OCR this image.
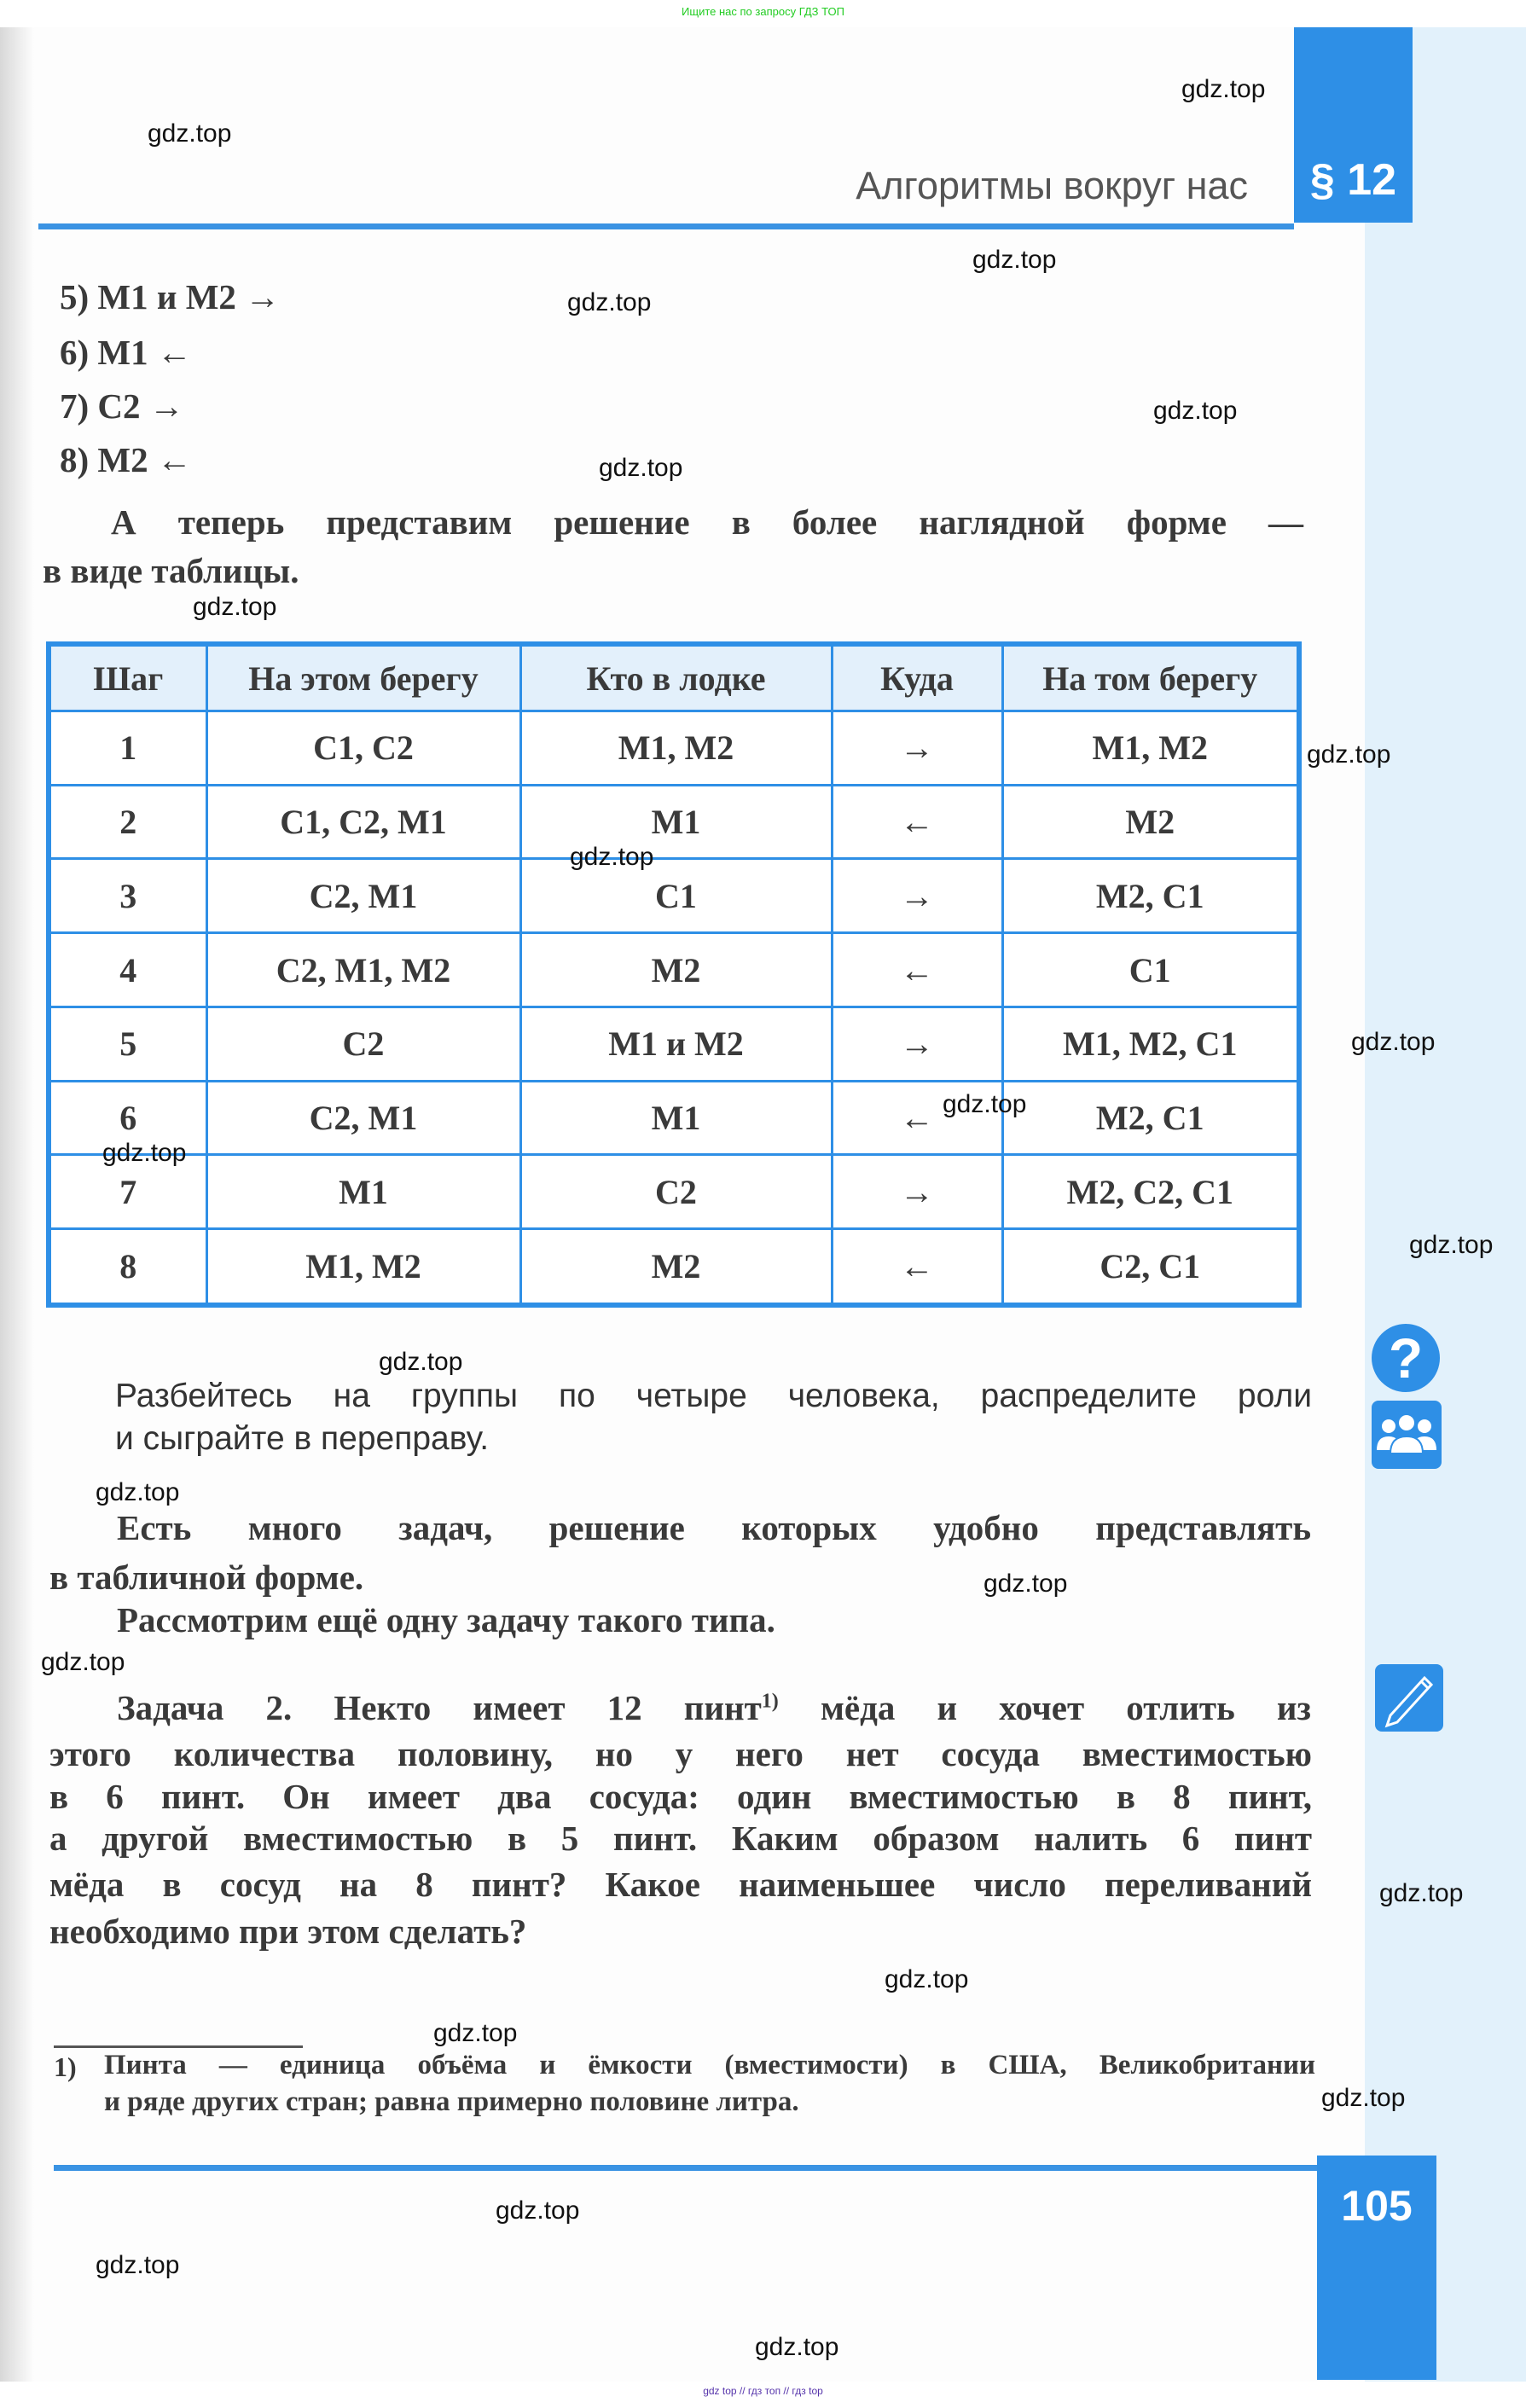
Ищите нас по запросу ГДЗ ТОП
§ 12
Алгоритмы вокруг нас
5) М1 и М2 →
6) М1 ←
7) С2 →
8) М2 ←
А теперь представим решение в более наглядной форме —
в виде таблицы.
Шаг	На этом берегу	Кто в лодке	Куда	На том берегу
1	С1, С2	М1, М2	→	М1, М2
2	С1, С2, М1	М1	←	М2
3	С2, М1	С1	→	М2, С1
4	С2, М1, М2	М2	←	С1
5	С2	М1 и М2	→	М1, М2, С1
6	С2, М1	М1	←	М2, С1
7	М1	С2	→	М2, С2, С1
8	М1, М2	М2	←	С2, С1
Разбейтесь на группы по четыре человека, распределите роли
и сыграйте в переправу.
Есть много задач, решение которых удобно представлять
в табличной форме.
Рассмотрим ещё одну задачу такого типа.
Задача 2. Некто имеет 12 пинт$^{1)}$ мёда и хочет отлить из
этого количества половину, но у него нет сосуда вместимостью
в 6 пинт. Он имеет два сосуда: один вместимостью в 8 пинт,
а другой вместимостью в 5 пинт. Каким образом налить 6 пинт
мёда в сосуд на 8 пинт? Какое наименьшее число переливаний
необходимо при этом сделать?
1) Пинта — единица объёма и ёмкости (вместимости) в США, Великобритании
и ряде других стран; равна примерно половине литра.
105
?
gdz.top
gdz.top
gdz.top
gdz.top
gdz.top
gdz.top
gdz.top
gdz.top
gdz.top
gdz.top
gdz.top
gdz.top
gdz.top
gdz.top
gdz.top
gdz.top
gdz.top
gdz.top
gdz.top
gdz.top
gdz.top
gdz.top
gdz.top
gdz.top
gdz top // гдз топ // гдз top
